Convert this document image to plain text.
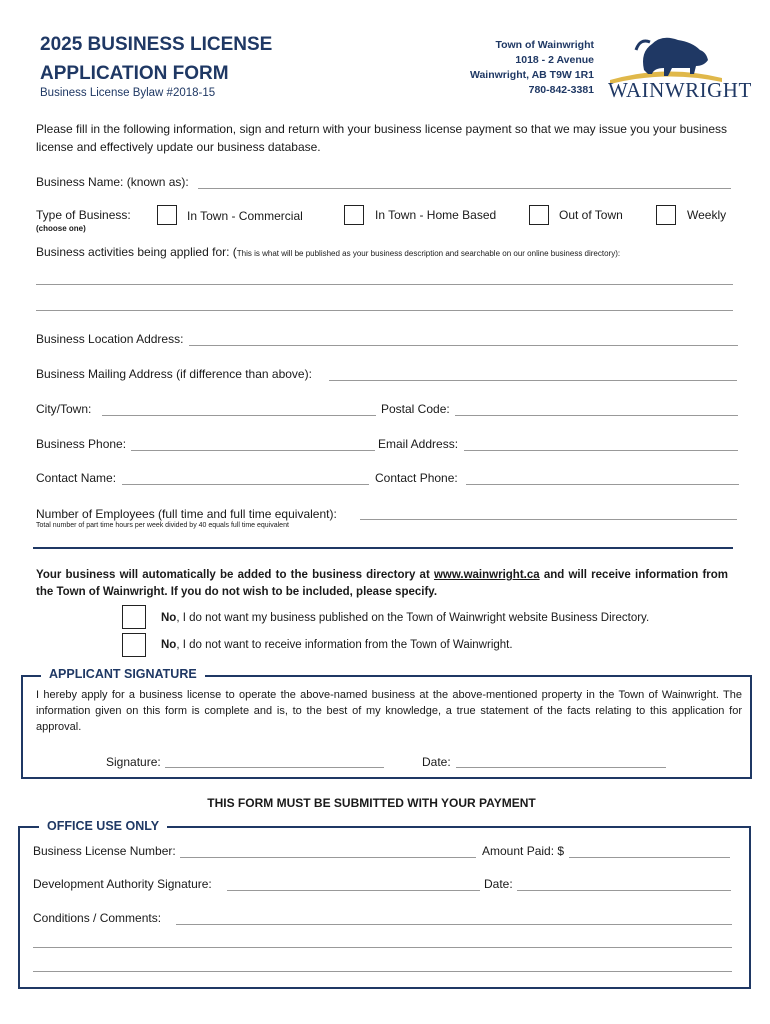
2025 BUSINESS LICENSE
APPLICATION FORM
Business License Bylaw #2018-15
Town of Wainwright
1018 - 2 Avenue
Wainwright, AB T9W 1R1
780-842-3381 WAINWRIGHT
Please fill in the following information, sign and return with your business license payment so that we may issue you your business license and effectively update our business database.
Business Name: (known as):
Type of Business:
(choose one)
In Town - Commercial	In Town - Home Based	Out of Town	Weekly
Business activities being applied for: (This is what will be published as your business description and searchable on our online business directory):
Business Location Address:
Business Mailing Address (if difference than above):
City/Town:	Postal Code:
Business Phone:	Email Address:
Contact Name:	Contact Phone:
Number of Employees (full time and full time equivalent):
Total number of part time hours per week divided by 40 equals full time equivalent
Your business will automatically be added to the business directory at www.wainwright.ca and will receive information from the Town of Wainwright. If you do not wish to be included, please specify.
No, I do not want my business published on the Town of Wainwright website Business Directory.
No, I do not want to receive information from the Town of Wainwright.
APPLICANT SIGNATURE
I hereby apply for a business license to operate the above-named business at the above-mentioned property in the Town of Wainwright. The information given on this form is complete and is, to the best of my knowledge, a true statement of the facts relating to this application for approval.
Signature:	Date:
THIS FORM MUST BE SUBMITTED WITH YOUR PAYMENT
OFFICE USE ONLY
Business License Number:	Amount Paid: $
Development Authority Signature:	Date:
Conditions / Comments:
